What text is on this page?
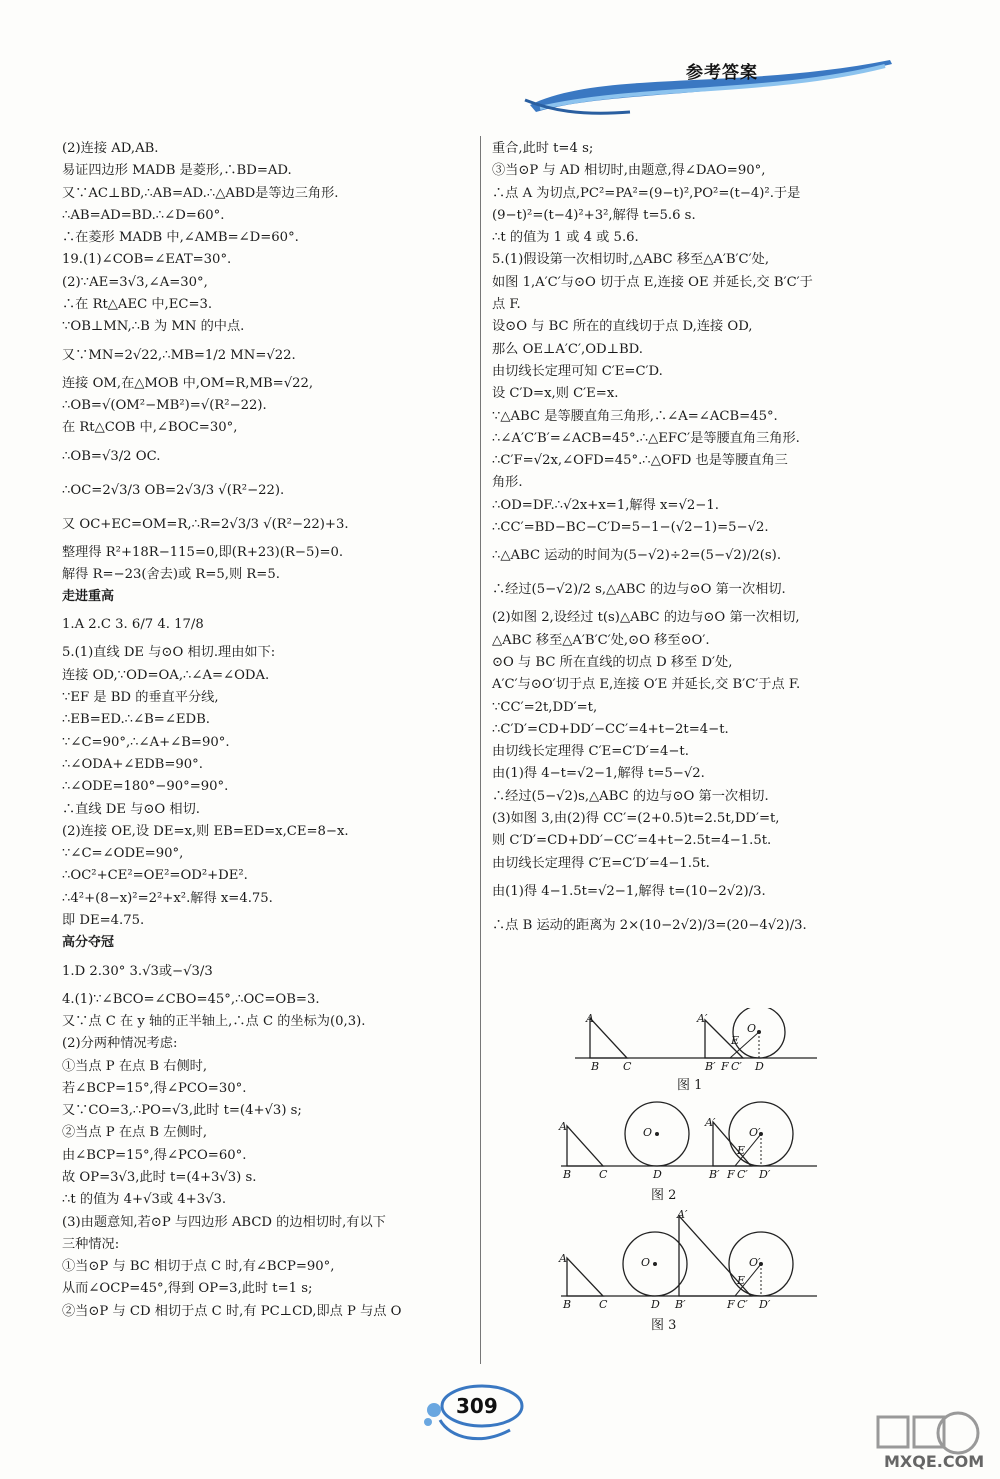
参考答案
(2)连接 AD,AB.
易证四边形 MADB 是菱形,∴BD=AD.
又∵AC⊥BD,∴AB=AD.∴△ABD是等边三角形.
∴AB=AD=BD.∴∠D=60°.
∴在菱形 MADB 中,∠AMB=∠D=60°.
19.(1)∠COB=∠EAT=30°.
(2)∵AE=3√3,∠A=30°,
∴在 Rt△AEC 中,EC=3.
∵OB⊥MN,∴B 为 MN 的中点.
又∵MN=2√22,∴MB=1/2 MN=√22.
连接 OM,在△MOB 中,OM=R,MB=√22,
∴OB=√(OM²−MB²)=√(R²−22).
在 Rt△COB 中,∠BOC=30°,
∴OB=√3/2 OC.
∴OC=2√3/3 OB=2√3/3 √(R²−22).
又 OC+EC=OM=R,∴R=2√3/3 √(R²−22)+3.
整理得 R²+18R−115=0,即(R+23)(R−5)=0.
解得 R=−23(舍去)或 R=5,则 R=5.
走进重高
1.A 2.C 3. 6/7 4. 17/8
5.(1)直线 DE 与⊙O 相切.理由如下:
连接 OD,∵OD=OA,∴∠A=∠ODA.
∵EF 是 BD 的垂直平分线,
∴EB=ED.∴∠B=∠EDB.
∵∠C=90°,∴∠A+∠B=90°.
∴∠ODA+∠EDB=90°.
∴∠ODE=180°−90°=90°.
∴直线 DE 与⊙O 相切.
(2)连接 OE,设 DE=x,则 EB=ED=x,CE=8−x.
∵∠C=∠ODE=90°,
∴OC²+CE²=OE²=OD²+DE².
∴4²+(8−x)²=2²+x².解得 x=4.75.
即 DE=4.75.
高分夺冠
1.D 2.30° 3.√3或−√3/3
4.(1)∵∠BCO=∠CBO=45°,∴OC=OB=3.
又∵点 C 在 y 轴的正半轴上,∴点 C 的坐标为(0,3).
(2)分两种情况考虑:
①当点 P 在点 B 右侧时,
若∠BCP=15°,得∠PCO=30°.
又∵CO=3,∴PO=√3,此时 t=(4+√3) s;
②当点 P 在点 B 左侧时,
由∠BCP=15°,得∠PCO=60°.
故 OP=3√3,此时 t=(4+3√3) s.
∴t 的值为 4+√3或 4+3√3.
(3)由题意知,若⊙P 与四边形 ABCD 的边相切时,有以下
三种情况:
①当⊙P 与 BC 相切于点 C 时,有∠BCP=90°,
从而∠OCP=45°,得到 OP=3,此时 t=1 s;
②当⊙P 与 CD 相切于点 C 时,有 PC⊥CD,即点 P 与点 O
重合,此时 t=4 s;
③当⊙P 与 AD 相切时,由题意,得∠DAO=90°,
∴点 A 为切点,PC²=PA²=(9−t)²,PO²=(t−4)².于是
(9−t)²=(t−4)²+3²,解得 t=5.6 s.
∴t 的值为 1 或 4 或 5.6.
5.(1)假设第一次相切时,△ABC 移至△A′B′C′处,
如图 1,A′C′与⊙O 切于点 E,连接 OE 并延长,交 B′C′于
点 F.
设⊙O 与 BC 所在的直线切于点 D,连接 OD,
那么 OE⊥A′C′,OD⊥BD.
由切线长定理可知 C′E=C′D.
设 C′D=x,则 C′E=x.
∵△ABC 是等腰直角三角形,∴∠A=∠ACB=45°.
∴∠A′C′B′=∠ACB=45°.∴△EFC′是等腰直角三角形.
∴C′F=√2x,∠OFD=45°.∴△OFD 也是等腰直角三
角形.
∴OD=DF.∴√2x+x=1,解得 x=√2−1.
∴CC′=BD−BC−C′D=5−1−(√2−1)=5−√2.
∴△ABC 运动的时间为(5−√2)÷2=(5−√2)/2(s).
∴经过(5−√2)/2 s,△ABC 的边与⊙O 第一次相切.
(2)如图 2,设经过 t(s)△ABC 的边与⊙O 第一次相切,
△ABC 移至△A′B′C′处,⊙O 移至⊙O′.
⊙O 与 BC 所在直线的切点 D 移至 D′处,
A′C′与⊙O′切于点 E,连接 O′E 并延长,交 B′C′于点 F.
∵CC′=2t,DD′=t,
∴C′D′=CD+DD′−CC′=4+t−2t=4−t.
由切线长定理得 C′E=C′D′=4−t.
由(1)得 4−t=√2−1,解得 t=5−√2.
∴经过(5−√2)s,△ABC 的边与⊙O 第一次相切.
(3)如图 3,由(2)得 CC′=(2+0.5)t=2.5t,DD′=t,
则 C′D′=CD+DD′−CC′=4+t−2.5t=4−1.5t.
由切线长定理得 C′E=C′D′=4−1.5t.
由(1)得 4−1.5t=√2−1,解得 t=(10−2√2)/3.
∴点 B 运动的距离为 2×(10−2√2)/3=(20−4√2)/3.
A
B C
A′
E
O
B′ F C′ D
图 1
A
B	C
O
D
A′
E
O′
B′ F C′ D′
图 2
A
B	C
O
D
A′
B′
E
O′
F C′ D′
图 3
309
MXQE.COM
